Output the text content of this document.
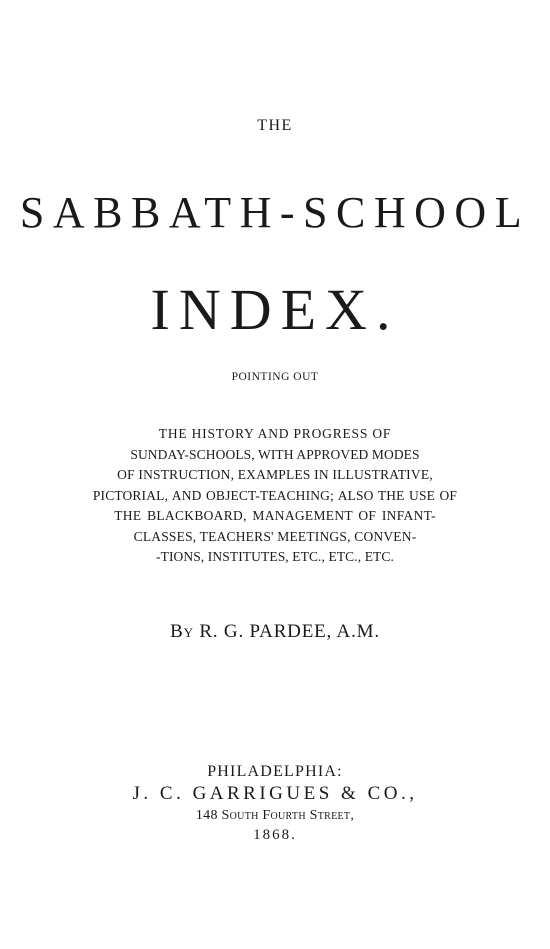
THE
SABBATH-SCHOOL
INDEX.
POINTING OUT
THE HISTORY AND PROGRESS OF
SUNDAY-SCHOOLS, WITH APPROVED MODES
OF INSTRUCTION, EXAMPLES IN ILLUSTRATIVE,
PICTORIAL, AND OBJECT-TEACHING; ALSO THE USE OF
THE BLACKBOARD, MANAGEMENT OF INFANT-
CLASSES, TEACHERS' MEETINGS, CONVEN-
-TIONS, INSTITUTES, ETC., ETC., ETC.
By R. G. PARDEE, A.M.
PHILADELPHIA:
J. C. GARRIGUES & CO.,
148 South Fourth Street,
1868.
